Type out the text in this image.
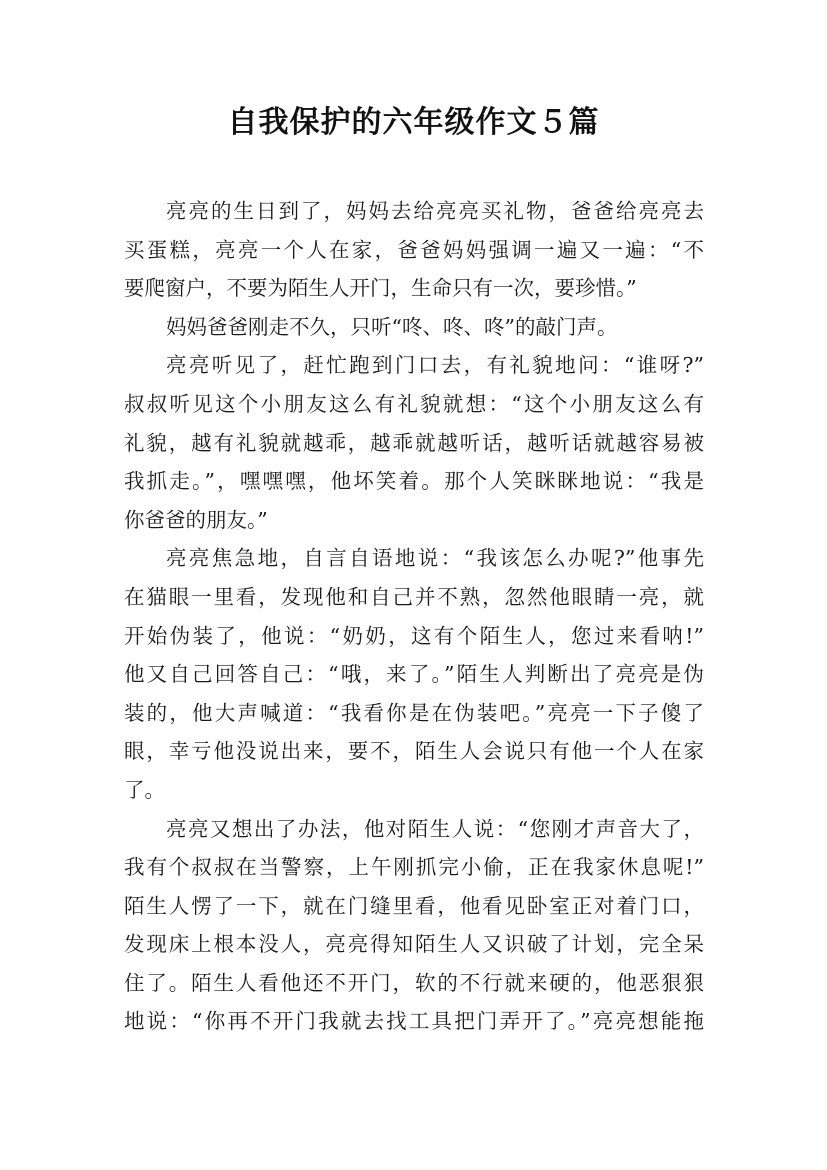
自我保护的六年级作文５篇
亮亮的生日到了，妈妈去给亮亮买礼物，爸爸给亮亮去
买蛋糕，亮亮一个人在家，爸爸妈妈强调一遍又一遍：“不
要爬窗户，不要为陌生人开门，生命只有一次，要珍惜。”
妈妈爸爸刚走不久，只听“咚、咚、咚”的敲门声。
亮亮听见了，赶忙跑到门口去，有礼貌地问：“谁呀?”
叔叔听见这个小朋友这么有礼貌就想：“这个小朋友这么有
礼貌，越有礼貌就越乖，越乖就越听话，越听话就越容易被
我抓走。”，嘿嘿嘿，他坏笑着。那个人笑眯眯地说：“我是
你爸爸的朋友。”
亮亮焦急地，自言自语地说：“我该怎么办呢?”他事先
在猫眼一里看，发现他和自己并不熟，忽然他眼睛一亮，就
开始伪装了，他说：“奶奶，这有个陌生人，您过来看呐!”
他又自己回答自己：“哦，来了。”陌生人判断出了亮亮是伪
装的，他大声喊道：“我看你是在伪装吧。”亮亮一下子傻了
眼，幸亏他没说出来，要不，陌生人会说只有他一个人在家
了。
亮亮又想出了办法，他对陌生人说：“您刚才声音大了，
我有个叔叔在当警察，上午刚抓完小偷，正在我家休息呢!”
陌生人愣了一下，就在门缝里看，他看见卧室正对着门口，
发现床上根本没人，亮亮得知陌生人又识破了计划，完全呆
住了。陌生人看他还不开门，软的不行就来硬的，他恶狠狠
地说：“你再不开门我就去找工具把门弄开了。”亮亮想能拖
